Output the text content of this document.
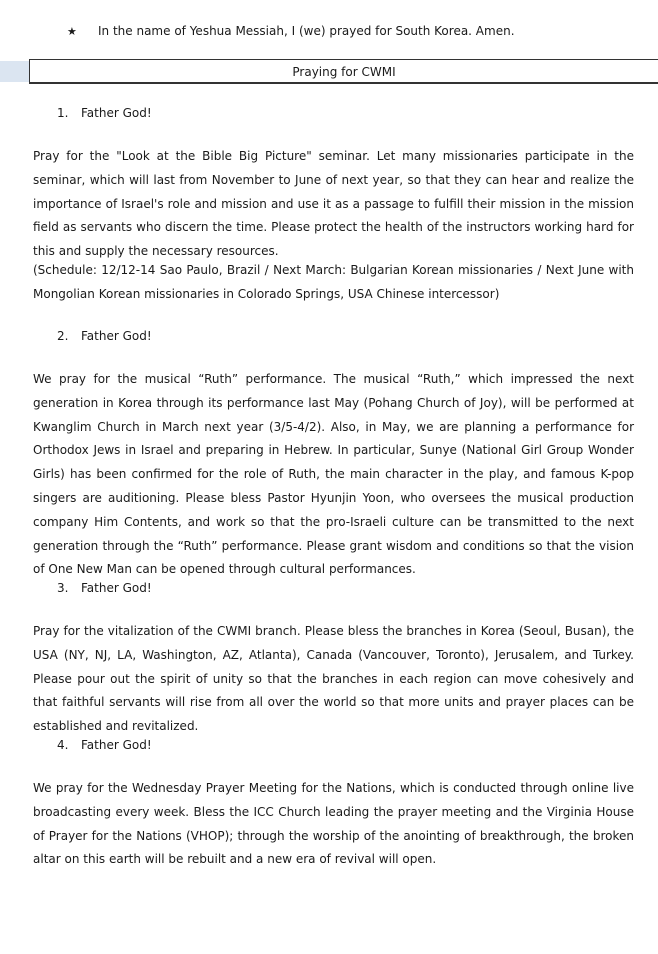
★ In the name of Yeshua Messiah, I (we) prayed for South Korea. Amen.
Praying for CWMI
1. Father God!

Pray for the "Look at the Bible Big Picture" seminar. Let many missionaries participate in the seminar, which will last from November to June of next year, so that they can hear and realize the importance of Israel's role and mission and use it as a passage to fulfill their mission in the mission field as servants who discern the time. Please protect the health of the instructors working hard for this and supply the necessary resources.

(Schedule: 12/12-14 Sao Paulo, Brazil / Next March: Bulgarian Korean missionaries / Next June with Mongolian Korean missionaries in Colorado Springs, USA Chinese intercessor)

2. Father God!

We pray for the musical “Ruth” performance. The musical “Ruth,” which impressed the next generation in Korea through its performance last May (Pohang Church of Joy), will be performed at Kwanglim Church in March next year (3/5-4/2). Also, in May, we are planning a performance for Orthodox Jews in Israel and preparing in Hebrew. In particular, Sunye (National Girl Group Wonder Girls) has been confirmed for the role of Ruth, the main character in the play, and famous K-pop singers are auditioning. Please bless Pastor Hyunjin Yoon, who oversees the musical production company Him Contents, and work so that the pro-Israeli culture can be transmitted to the next generation through the “Ruth” performance. Please grant wisdom and conditions so that the vision of One New Man can be opened through cultural performances.

3. Father God!

Pray for the vitalization of the CWMI branch. Please bless the branches in Korea (Seoul, Busan), the USA (NY, NJ, LA, Washington, AZ, Atlanta), Canada (Vancouver, Toronto), Jerusalem, and Turkey. Please pour out the spirit of unity so that the branches in each region can move cohesively and that faithful servants will rise from all over the world so that more units and prayer places can be established and revitalized.

4. Father God!

We pray for the Wednesday Prayer Meeting for the Nations, which is conducted through online live broadcasting every week. Bless the ICC Church leading the prayer meeting and the Virginia House of Prayer for the Nations (VHOP); through the worship of the anointing of breakthrough, the broken altar on this earth will be rebuilt and a new era of revival will open.
